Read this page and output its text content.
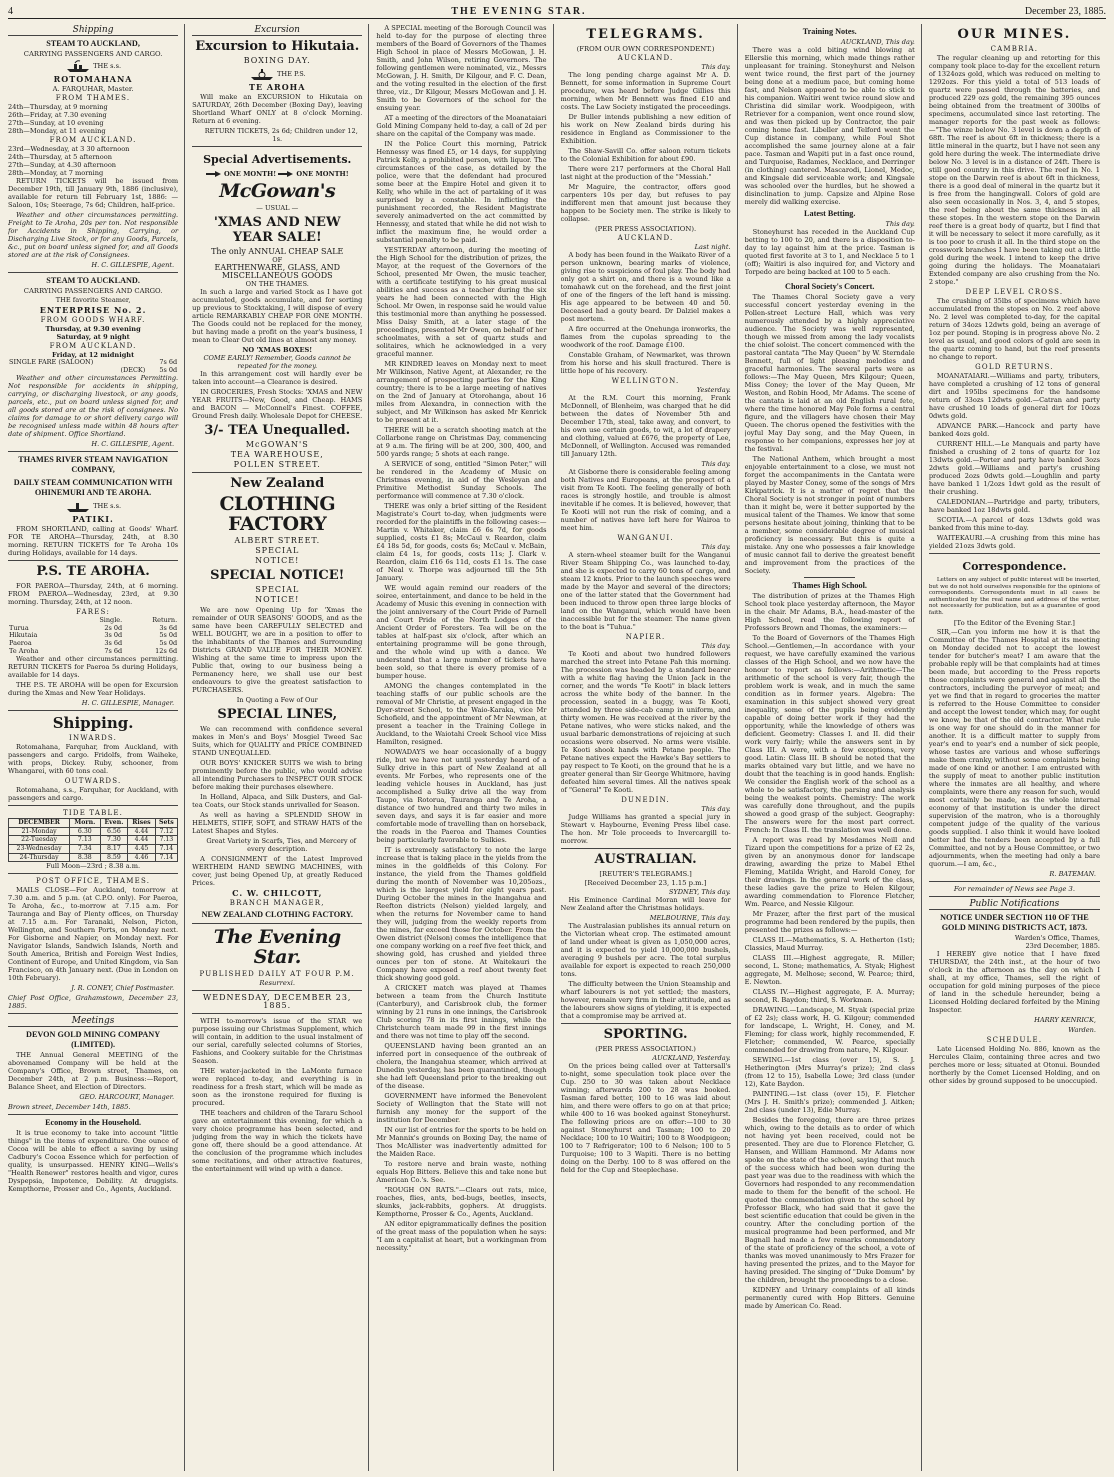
4	THE EVENING STAR.	December 23, 1885.
Shipping
STEAM TO AUCKLAND,
CARRYING PASSENGERS AND CARGO.
THE s.s.
ROTOMAHANA
A. FARQUHAR, Master.
FROM THAMES.
24th—Thursday, at 9 morning
26th—Friday, at 7.30 evening
27th—Sunday, at 10 evening
28th—Monday, at 11 evening
FROM AUCKLAND.
23rd—Wednesday, at 3 30 afternoon
24th—Thursday, at 5 afternoon
27th—Sunday, at 4.30 afternoon
28th—Monday, at 7 morning

RETURN TICKETS will be issued from December 19th, till January 9th, 1886 (inclusive), available for return till February 1st, 1886: — Saloon, 10s; Steerage, 7s 6d; Children, half-price.

Weather and other circumstances permitting. Freight to Te Aroha, 20s per ton. Not responsible for Accidents in Shipping, Carrying, or Discharging Live Stock, or for any Goods, Parcels, &c., put on board unless signed for, and all Goods stored are at the risk of Consignees.

H. C. GILLESPIE, Agent.
STEAM TO AUCKLAND.
CARRYING PASSENGERS AND CARGO.
THE favorite Steamer,
ENTERPRISE No. 2.
FROM GOODS WHARF.
Thursday, at 9.30 evening
Saturday, at 9 night
FROM AUCKLAND.
Friday, at 12 midnight
SINGLE FARE (SALOON)	7s 6d
(DECK)	5s 0d

Weather and other circumstances Permitting. Not responsible for accidents in shipping, carrying, or discharging livestock, or any goods, parcels, etc., put on board unless signed for, and all goods stored are at the risk of consignees. No claims for damage to or short delivery cargo will be recognised unless made within 48 hours after date of shipment. Office Shortland.

H. C. GILLESPIE, Agent.
THAMES RIVER STEAM NAVIGATION COMPANY,
DAILY STEAM COMMUNICATION WITH OHINEMURI AND TE AROHA.
THE s.s.
PATIKI.

FROM SHORTLAND, calling at Goods' Wharf. FOR TE AROHA—Thursday, 24th, at 8.30 morning. RETURN TICKETS for Te Aroha 10s during Holidays, available for 14 days.

P.S. TE AROHA.

FOR PAEROA—Thursday, 24th, at 6 morning. FROM PAEROA—Wednesday, 23rd, at 9.30 morning. Thursday, 24th, at 12 noon.

FARES:
	Single.	Return.
Turua	2s 0d	3s 6d
Hikutaia	3s 0d	5s 0d
Paeroa	3s 6d	5s 0d
Te Aroha	7s 6d	12s 6d

Weather and other circumstances permitting. RETURN TICKETS for Paeroa 5s during Holidays, available for 14 days.

THE P.S. TE AROHA will be open for Excursion during the Xmas and New Year Holidays.

H. C. GILLESPIE, Manager.
Shipping.
INWARDS.

Rotomahana, Farquhar, from Auckland, with passengers and cargo. Fridolfs, from Waiheke, with props, Dickey. Ruby, schooner, from Whangarei, with 60 tons coal.

OUTWARDS.

Rotomahana, s.s., Farquhar, for Auckland, with passengers and cargo.

TIDE TABLE.
DECEMBER	Morn.	Even.	Rises	Sets
21-Monday	6.30	6.56	4.44	7.12
22-Tuesday	7.13	7.30	4.44	7.13
23-Wednesday	7.34	8.17	4.45	7.14
24-Thursday	8.38	8.59	4.46	7.14
Full Moon—23rd ; 8.38 a.m.
POST OFFICE, THAMES.

MAILS CLOSE—For Auckland, tomorrow at 7.30 a.m. and 5 p.m. (at C.P.O. only). For Paeroa, Te Aroha, &c., to-morrow at 7.15 a.m. For Tauranga and Bay of Plenty offices, on Thursday at 7.15 a.m. For Taranaki, Nelson, Picton, Wellington, and Southern Ports, on Monday next. For Gisborne and Napier, on Monday next. For Navigator Islands, Sandwich Islands, North and South America, British and Foreign West Indies, Continent of Europe, and United Kingdom, via San Francisco, on 4th January next. (Due in London on 10th February).

J. R. CONEY, Chief Postmaster.
Chief Post Office, Grahamstown, December 23, 1885.
Meetings
DEVON GOLD MINING COMPANY (LIMITED).

THE Annual General MEETING of the abovenamed Company will be held at the Company's Office, Brown street, Thames, on December 24th, at 2 p.m. Business:—Report, Balance Sheet, and Election of Directors.

GEO. HARCOURT, Manager.
Brown street, December 14th, 1885.
Economy in the Household.

It is true economy to take into account "little things" in the items of expenditure. One ounce of Cocoa will be able to effect a saving by using Cadbury's Cocoa Essence which for perfection of quality, is unsurpassed. HENRY KING—Wells's "Health Renewer" restores health and vigor, cures Dyspepsia, Impotence, Debility. At druggists. Kempthorne, Prosser and Co., Agents, Auckland.

Excursion
Excursion to Hikutaia.
BOXING DAY.
THE P.S.
TE AROHA

Will make an EXCURSION to Hikutaia on SATURDAY, 26th December (Boxing Day), leaving Shortland Wharf ONLY at 8 o'clock Morning. Return at 6 evening.

RETURN TICKETS, 2s 6d; Children under 12, 1s.

Special Advertisements.
ONE MONTH!	ONE MONTH!
McGowan's
— USUAL —
'XMAS AND NEW YEAR SALE!
The only ANNUAL CHEAP SALE
OF
EARTHENWARE, GLASS, AND MISCELLANEOUS GOODS
ON THE THAMES.

In such a large and varied Stock as I have got accumulated, goods accumulate, and for sorting up previous to Stocktaking, I will dispose of every article REMARKABLY CHEAP FOR ONE MONTH. The Goods could not be replaced for the money, but having made a profit on the year's business, I mean to Clear Out old lines at almost any money.

NO 'XMAS BOXES!
COME EARLY! Remember, Goods cannot be repeated for the money.

In this arrangement cost will hardly ever be taken into account—a Clearance is desired.

IN GROCERIES, Fresh Stocks: 'XMAS and NEW YEAR FRUITS—New, Good, and Cheap. HAMS and BACON — McConnell's Finest. COFFEE, Ground Fresh daily. Wholesale Depot for CHEESE.

3/- TEA Unequalled.
McGOWAN'S
TEA WAREHOUSE,
POLLEN STREET.
New Zealand
CLOTHING FACTORY
ALBERT STREET.
SPECIAL
NOTICE!
SPECIAL NOTICE!
SPECIAL
NOTICE!

We are now Opening Up for 'Xmas the remainder of OUR SEASONS' GOODS, and as the same have been CAREFULLY SELECTED and WELL BOUGHT, we are in a position to offer to the inhabitants of the Thames and Surrounding Districts GRAND VALUE FOR THEIR MONEY. Wishing at the same time to impress upon the Public that, owing to our business being a Permanency here, we shall use our best endeavours to give the greatest satisfaction to PURCHASERS.

In Quoting a Few of Our
SPECIAL LINES,

We can recommend with confidence several makes in Men's and Boys' Mosgiel Tweed Sac Suits, which for QUALITY and PRICE COMBINED STAND UNEQUALLED.

OUR BOYS' KNICKER SUITS we wish to bring prominently before the public, who would advise all intending Purchasers to INSPECT OUR STOCK before making their purchases elsewhere.

In Holland, Alpaca, and Silk Dusters, and Gal-tea Coats, our Stock stands unrivalled for Season.

As well as having a SPLENDID SHOW in HELMETS, STIFF, SOFT, and STRAW HATS of the Latest Shapes and Styles.

Great Variety in Scarfs, Ties, and Mercery of every description.

A CONSIGNMENT of the Latest Improved WERTHEIM HAND SEWING MACHINES, with cover, just being Opened Up, at greatly Reduced Prices.

C. W. CHILCOTT,
BRANCH MANAGER,
NEW ZEALAND CLOTHING FACTORY.
The Evening Star.
PUBLISHED DAILY AT FOUR P.M.
Resurrexi.
WEDNESDAY, DECEMBER 23, 1885.

WITH to-morrow's issue of the STAR we purpose issuing our Christmas Supplement, which will contain, in addition to the usual instalment of our serial, carefully selected columns of Stories, Fashions, and Cookery suitable for the Christmas Season.

THE water-jacketed in the LaMonte furnace were replaced to-day, and everything is in readiness for a fresh start, which will be made as soon as the ironstone required for fluxing is procured.

THE teachers and children of the Tararu School gave an entertainment this evening, for which a very choice programme has been selected, and judging from the way in which the tickets have gone off, there should be a good attendance. At the conclusion of the programme which includes some recitations, and other attractive features, the entertainment will wind up with a dance.

A SPECIAL meeting of the Borough Council was held to-day for the purpose of electing three members of the Board of Governors of the Thames High School in place of Messrs McGowan, J. H. Smith, and John Wilson, retiring Governors. The following gentlemen were nominated, viz., Messrs McGowan, J. H. Smith, Dr Kilgour, and F. C. Dean, and the voting resulted in the election of the first three, viz., Dr Kilgour, Messrs McGowan and J. H. Smith to be Governors of the school for the ensuing year.

AT a meeting of the directors of the Moanataiari Gold Mining Company held to-day, a call of 2d per share on the capital of the Company was made.

IN the Police Court this morning, Patrick Hennessy was fined £5, or 14 days, for supplying Patrick Kelly, a prohibited person, with liquor. The circumstances of the case, as detailed by the police, were that the defendant had procured some beer at the Empire Hotel and given it to Kelly, who while in the act of partaking of it was surprised by a constable. In inflicting the punishment recorded, the Resident Magistrate severely animadverted on the act committed by Hennessy, and stated that while he did not wish to inflict the maximum fine, he would order a substantial penalty to be paid.

YESTERDAY afternoon, during the meeting of the High School for the distribution of prizes, the Mayor, at the request of the Governors of the School, presented Mr Owen, the music teacher, with a certificate testifying to his great musical abilities and success as a teacher during the six years he had been connected with the High School. Mr Owen, in response said he would value this testimonial more than anything he possessed. Miss Daisy Smith, at a later stage of the proceedings, presented Mr Owen, on behalf of her schoolmates, with a set of quartz studs and solitaires, which he acknowledged in a very graceful manner.

MR KINDRED leaves on Monday next to meet Mr Wilkinson, Native Agent, at Alexander, re the arrangement of prospecting parties for the King country; there is to be a large meeting of natives on the 2nd of January at Otorohanga, about 16 miles from Alexandra, in connection with the subject, and Mr Wilkinson has asked Mr Kenrick to be present at it.

THERE will be a scratch shooting match at the Collarbone range on Christmas Day, commencing at 9 a.m. The firing will be at 200, 300, 400, and 500 yards range; 5 shots at each range.

A SERVICE of song, entitled "Simon Peter," will be rendered in the Academy of Music on Christmas evening, in aid of the Wesleyan and Primitive Methodist Sunday Schools. The performance will commence at 7.30 o'clock.

THERE was only a brief sitting of the Resident Magistrate's Court to-day, when judgments were recorded for the plaintiffs in the following cases:—Martin v. Whitaker, claim £6 6s 7d, for goods supplied, costs £1 8s; McCaul v. Reardon, claim £4 18s 5d, for goods, costs 6s; McCaul v. McBain, claim £4 1s, for goods, costs 11s; J. Clark v. Reardon, claim £16 6s 11d, costs £1 1s. The case of Neal v. Thorpe was adjourned till the 5th January.

WE would again remind our readers of the soiree, entertainment, and dance to be held in the Academy of Music this evening in connection with the joint anniversary of the Court Pride of Parnell and Court Pride of the North Lodges of the Ancient Order of Foresters. Tea will be on the tables at half-past six o'clock, after which an entertaining programme will be gone through, and the whole wind up with a dance. We understand that a large number of tickets have been sold, so that there is every promise of a bumper house.

AMONG the changes contemplated in the teaching staffs of our public schools are the removal of Mr Christie, at present engaged in the Dyer-street School, to the Waio-Karaka, vice Mr Schofield, and the appointment of Mr Newman, at present a teacher in the Training College in Auckland, to the Waiotahi Creek School vice Miss Hamilton, resigned.

NOWADAYS we hear occasionally of a buggy ride, but we have not until yesterday heard of a Sulky drive in this part of New Zealand at all events. Mr Forbes, who represents one of the leading vehicle houses in Auckland, has just accomplished a Sulky drive all the way from Taupo, via Rotorua, Tauranga and Te Aroha, a distance of two hundred and thirty two miles in seven days, and says it is far easier and more comfortable mode of travelling than on horseback, the roads in the Paeroa and Thames Counties being particularly favorable to Sulkies.

IT is extremely satisfactory to note the large increase that is taking place in the yields from the mines in the goldfields of this Colony. For instance, the yield from the Thames goldfield during the month of November was 10,205ozs., which is the largest yield for eight years past. During October the mines in the Inangahua and Reefton districts (Nelson) yielded largely, and when the returns for November came to hand they will, judging from the weekly reports from the mines, far exceed those for October. From the Owen district (Nelson) comes the intelligence that one company working on a reef five feet thick, and showing gold, has crushed and yielded three ounces per ton of stone. At Waitekauri the Company have exposed a reef about twenty feet thick showing good gold.

A CRICKET match was played at Thames between a team from the Church Institute (Canterbury), and Carisbrook club, the former winning by 21 runs in one innings, the Carisbrook Club scoring 78 in its first innings, while the Christchurch team made 99 in the first innings and there was not time to play off the second.

QUEENSLAND having been granted an an inferred port in consequence of the outbreak of cholera, the Inangahua steamer, which arrived at Dunedin yesterday, has been quarantined, though she had left Queensland prior to the breaking out of the disease.

GOVERNMENT have informed the Benevolent Society of Wellington that the State will not furnish any money for the support of the institution for December.

IN our list of entries for the sports to be held on Mr Mannix's grounds on Boxing Day, the name of Thos McAllister was inadvertently admitted for the Maiden Race.

To restore nerve and brain waste, nothing equals Hop Bitters. Believe this and take none but American Co.'s. See.

"ROUGH ON RATS."—Clears out rats, mice, roaches, flies, ants, bed-bugs, beetles, insects, skunks, jack-rabbits, gophers. At druggists. Kempthorne, Prosser & Co., Agents, Auckland.

AN editor epigrammatically defines the position of the great mass of the population when he says: "I am a capitalist at heart, but a workingman from necessity."

TELEGRAMS.
(FROM OUR OWN CORRESPONDENT.)
AUCKLAND.
This day.

The long pending charge against Mr A. D. Bennett, for some information in Supreme Court procedure, was heard before Judge Gillies this morning, when Mr Bennett was fined £10 and costs. The Law Society instigated the proceedings.

Dr Buller intends publishing a new edition of his work on New Zealand birds during his residence in England as Commissioner to the Exhibition.

The Shaw-Savill Co. offer saloon return tickets to the Colonial Exhibition for about £90.

There were 217 performers at the Choral Hall last night at the production of the "Messiah."

Mr Maguire, the contractor, offers good carpenters 10s per day, but refuses to pay indifferent men that amount just because they happen to be Society men. The strike is likely to collapse.

(PER PRESS ASSOCIATION).
AUCKLAND.
Last night.

A body has been found in the Waikato River of a person unknown, bearing marks of violence, giving rise to suspicions of foul play. The body had only got a shirt on, and there is a wound like a tomahawk cut on the forehead, and the first joint of one of the fingers of the left hand is missing. His age appeared to be between 40 and 50. Deceased had a gouty beard. Dr Dalziel makes a post mortem.

A fire occurred at the Onehunga ironworks, the flames from the cupolas spreading to the woodwork of the roof. Damage £100.

Constable Graham, of Newmarket, was thrown from his horse and his skull fractured. There is little hope of his recovery.

WELLINGTON.
Yesterday.

At the R.M. Court this morning, Frank McDonnell, of Blenheim, was charged that he did between the dates of November 5th and December 17th, steal, take away, and convert, to his own use certain goods, to wit, a lot of drapery and clothing, valued at £676, the property of Lee, McDonnell, of Wellington. Accused was remanded till January 12th.

This day.

At Gisborne there is considerable feeling among both Natives and Europeans, at the prospect of a visit from Te Kooti. The feeling generally of both races is strongly hostile, and trouble is almost inevitable if he comes. It is believed, however, that Te Kooti will not run the risk of coming, and a number of natives have left here for Wairoa to meet him.

WANGANUI.
This day.

A stern-wheel steamer built for the Wanganui River Steam Shipping Co., was launched to-day, and she is expected to carry 60 tons of cargo, and steam 12 knots. Prior to the launch speeches were made by the Mayor and several of the directors; one of the latter stated that the Government had been induced to throw open three large blocks of land on the Wanganui, which would have been inaccessible but for the steamer. The name given to the boat is "Tuhua."

NAPIER.
This day.

Te Kooti and about two hundred followers marched the street into Petane Pah this morning. The procession was headed by a standard bearer with a white flag having the Union Jack in the corner, and the words "Te Kooti" in black letters across the white body of the banner. In the procession, seated in a buggy, was Te Kooti, attended by three side-cab camp in uniform, and thirty women. He was received at the river by the Petane natives, who were sticks naked, and the usual barbaric demonstrations of rejoicing at such occasions were observed. No arms were visible. Te Kooti shook hands with Petane people. The Petane natives expect the Hawke's Bay settlers to pay respect to Te Kooti, on the ground that he is a greater general than Sir George Whitmore, having defeated him several times. All the natives speak of "General" Te Kooti.

DUNEDIN.
This day.

Judge Williams has granted a special jury in Stewart v. Haybourne, Evening Press libel case. The hon. Mr Tole proceeds to Invercargill to-morrow.

AUSTRALIAN.
[REUTER'S TELEGRAMS.]
[Received December 23, 1.15 p.m.]
SYDNEY, This day.

His Eminence Cardinal Moran will leave for New Zealand after the Christmas holidays.

MELBOURNE, This day.

The Australasian publishes its annual return on the Victorian wheat crop. The estimated amount of land under wheat is given as 1,050,000 acres, and it is expected to yield 10,000,000 bushels, averaging 9 bushels per acre. The total surplus available for export is expected to reach 250,000 tons.

The difficulty between the Union Steamship and wharf labourers is not yet settled; the masters, however, remain very firm in their attitude, and as the labourers show signs of yielding, it is expected that a compromise may be arrived at.

SPORTING.
(PER PRESS ASSOCIATION.)
AUCKLAND, Yesterday.

On the prices being called over at Tattersall's to-night, some speculation took place over the Cup. 250 to 30 was taken about Necklace winning; afterwards 200 to 28 was booked. Tasman fared better, 100 to 16 was laid about him, and there were offers to go on at that price; while 400 to 16 was booked against Stoneyhurst. The following prices are on offer:—100 to 30 against Stoneyhurst and Tasman; 100 to 20 Necklace; 100 to 10 Waitiri; 100 to 8 Woodpigeon; 100 to 7 Refrigerator; 100 to 6 Nelson; 100 to 5 Turquoise; 100 to 3 Wapiti. There is no betting doing on the Derby. 100 to 8 was offered on the field for the Cup and Steeplechase.

Training Notes.
AUCKLAND, This day.

There was a cold biting wind blowing at Ellerslie this morning, which made things rather unpleasant for training. Stoneyhurst and Nelson went twice round, the first part of the journey being done at a medium pace, but coming home fast, and Nelson appeared to be able to stick to his companion. Waitiri went twice round slow and Christina did similar work. Woodpigeon, with Retriever for a companion, went once round slow, and was then picked up by Contractor, the pair coming home fast. Libeller and Telford went the Cup distance in company, while Foul Shot accomplished the same journey alone at a fair pace. Tasman and Wapiti put in a fast once round, and Turquoise, Radames, Necklace, and Derringer (in clothing) cantered. Mascarodi, Lionel, Medoc, and Kingsale did serviceable work; and Kingsale was schooled over the hurdles, but he showed a disinclination to jump. Capsize and Alpine Rose merely did walking exercise.

Latest Betting.
This day.

Stoneyhurst has receded in the Auckland Cup betting to 100 to 20, and there is a disposition to-day to lay against him at the price. Tasman is quoted first favorite at 3 to 1, and Necklace 5 to 1 (off); Waitiri is also inquired for, and Victory and Torpedo are being backed at 100 to 5 each.

Choral Society's Concert.

The Thames Choral Society gave a very successful concert yesterday evening in the Pollen-street Lecture Hall, which was very numerously attended by a highly appreciative audience. The Society was well represented, though we missed from among the lady vocalists the chief soloist. The concert commenced with the pastoral cantata "The May Queen" by W. Sterndale Bennett, full of light pleasing melodies and graceful harmonies. The several parts were as follows:—The May Queen, Mrs Kilgour; Queen, Miss Coney; the lover of the May Queen, Mr Weston, and Robin Hood, Mr Adams. The scene of the cantata is laid at an old English rural fete, where the time honored May Pole forms a central figure, and the villagers have chosen their May Queen. The chorus opened the festivities with the joyful May Day song, and the May Queen, in response to her companions, expresses her joy at the festival.

The National Anthem, which brought a most enjoyable entertainment to a close, we must not forget the accompaniments in the Cantata were played by Master Coney, some of the songs of Mrs Kirkpatrick. It is a matter of regret that the Choral Society is not stronger in point of numbers than it might be, were it better supported by the musical talent of the Thames. We know that some persons hesitate about joining, thinking that to be a member, some considerable degree of musical proficiency is necessary. But this is quite a mistake. Any one who possesses a fair knowledge of music cannot fail to derive the greatest benefit and improvement from the practices of the Society.

Thames High School.

The distribution of prizes at the Thames High School took place yesterday afternoon, the Mayor in the chair. Mr Adams, B.A., head-master of the High School, read the following report of Professors Brown and Thomas, the examiners:—

To the Board of Governors of the Thames High School.—Gentlemen,—In accordance with your request, we have carefully examined the various classes of the High School, and we now have the honour to report as follows:—Arithmetic—The arithmetic of the school is very fair, though the problem work is weak, and in much the same condition as in former years. Algebra: The examination in this subject showed very great inequality, some of the pupils being evidently capable of doing better work if they had the opportunity, while the knowledge of others was deficient. Geometry: Classes I. and II. did their work very fairly; while the answers sent in by Class III. A were, with a few exceptions, very good. Latin: Class III. B should be noted that the marks obtained vary but little, and we have no doubt that the teaching is in good hands. English: We consider the English work of the school as a whole to be satisfactory, the parsing and analysis being the weakest points. Chemistry: The work was carefully done throughout, and the pupils showed a good grasp of the subject. Geography: The answers were for the most part correct. French: In Class II. the translation was well done.

A report was read by Mesdames Neill and Tizard upon the competitions for a prize of £2 2s, given by an anonymous donor for landscape drawing, awarding the prize to Mabel Ethel Fleming, Matilda Wright, and Harold Coney, for their drawings. In the general work of the class, these ladies gave the prize to Helen Kilgour, awarding commendation to Florence Fletcher, Wm. Pearce, and Nessie Kilgour.

Mr Frazer, after the first part of the musical programme had been rendered by the pupils, then presented the prizes as follows:—

CLASS II.—Mathematics, S. A. Hetherton (1st); Classics, Maud Murray.

CLASS III.—Highest aggregate, R. Miller; second, L. Stone; mathematics, A. Styak; Highest aggregate, M. Melhose; second, W. Pearce; third, E. Newton.

CLASS IV.—Highest aggregate, F. A. Murray; second, R. Baydon; third, S. Workman.

DRAWING.—Landscape, M. Styak (special prize of £2 2s); class work, H. G. Kilgour; commended for landscape, L. Wright, H. Coney, and M. Fleming; for class work, highly recommended, F. Fletcher; commended, W. Pearce, specially commended for drawing from nature, N. Kilgour.

SEWING.—1st class (over 15), S. J. Hetherington (Mrs Murray's prize); 2nd class (from 12 to 15), Isabella Lowe; 3rd class (under 12), Kate Baydon.

PAINTING.—1st class (over 15), F. Fletcher (Mrs J. H. Smith's prize); commended J. Aitken; 2nd class (under 13), Edie Murray.

Besides the foregoing, there are three prizes which, owing to the details as to order of which not having yet been received, could not be presented. They are due to Florence Fletcher, G. Hansen, and William Hammond. Mr Adams now spoke on the state of the school, saying that much of the success which had been won during the past year was due to the readiness with which the Governors had responded to any recommendation made to them for the benefit of the school. He quoted the commendation given to the school by Professor Black, who had said that it gave the best scientific education that could be given in the country. After the concluding portion of the musical programme had been performed, and Mr Bagnall had made a few remarks commendatory of the state of proficiency of the school, a vote of thanks was moved unanimously to Mrs Frazer for having presented the prizes, and to the Mayor for having presided. The singing of "Duke Domum" by the children, brought the proceedings to a close.

KIDNEY and Urinary complaints of all kinds permanently cured with Hop Bitters. Genuine made by American Co. Read.

OUR MINES.
CAMBRIA.

The regular cleaning up and retorting for this company took place to-day for the excellent return of 1324ozs gold, which was reduced on melting to 1292ozs. For this yield a total of 513 loads of quartz were passed through the batteries, and produced 229 ozs gold, the remaining 395 ounces being obtained from the treatment of 300lbs of specimens, accumulated since last retorting. The manager reports for the past week as follows:—"The winze below No. 3 level is down a depth of 68ft. The reef is about 6ft in thickness; there is a little mineral in the quartz, but I have not seen any gold here during the week. The intermediate drive below No. 3 level is in a distance of 24ft. There is still good country in this drive. The reef in No. 1 stope on the Darwin reef is about 6ft in thickness, there is a good deal of mineral in the quartz but it is free from the hangingwall. Colors of gold are also seen occasionally in Nos. 3, 4, and 5 stopes, the reef being about the same thickness in all these stopes. In the western stope on the Darwin reef there is a great body of quartz, but I find that it will be necessary to select it more carefully, as it is too poor to crush it all. In the third stope on the crosswork branches I have been taking out a little gold during the week. I intend to keep the drive going during the holidays. The Moanataiari Extended company are also crushing from the No. 2 stope."

DEEP LEVEL CROSS.

The crushing of 35lbs of specimens which have accumulated from the stopes on No. 2 reef above No. 2 level was completed to-day, for the capital return of 34ozs 12dwts gold, being an average of 1oz per pound. Stoping is in progress above No. 2 level as usual, and good colors of gold are seen in the quartz coming to hand, but the reef presents no change to report.

GOLD RETURNS.

MOANATAIARI.—Williams and party, tributers, have completed a crushing of 12 tons of general dirt and 195lbs specimens for the handsome return of 33ozs 12dwts gold.—Catran and party have crushed 10 loads of general dirt for 10ozs 0dwts gold.

ADVANCE PARK.—Hancock and party have banked 4ozs gold.

CURRENT HILL.—Le Manquais and party have finished a crushing of 2 tons of quartz for 1oz 13dwts gold.—Porter and party have banked 3ozs 2dwts gold.—Williams and party's crushing produced 2ozs 0dwts gold.—Loughlin and party have banked 1 1/2ozs 1dwt gold as the result of their crushing.

CALEDONIAN.—Partridge and party, tributers, have banked 1oz 18dwts gold.

SCOTIA.—A parcel of 4ozs 13dwts gold was banked from this mine to-day.

WAITEKAURI.—A crushing from this mine has yielded 21ozs 3dwts gold.

Correspondence.

Letters on any subject of public interest will be inserted, but we do not hold ourselves responsible for the opinions of correspondents. Correspondents must in all cases be authenticated by the real name and address of the writer, not necessarily for publication, but as a guarantee of good faith.

[To the Editor of the Evening Star.]

SIR,—Can you inform me how it is that the Committee of the Thames Hospital at its meeting on Monday decided not to accept the lowest tender for butcher's meat? I am aware that the probable reply will be that complaints had at times been made, but according to the Press reports those complaints were general and against all the contractors, including the purveyor of meat; and yet we find that in regard to groceries the matter is referred to the House Committee to consider and accept the lowest tender, which may, for ought we know, be that of the old contractor. What rule is one way for one should do in the manner for another. It is a difficult matter to supply from year's end to year's end a number of sick people, whose tastes are various and whose sufferings make them cranky, without some complaints being made of one kind or another. I am entrusted with the supply of meat to another public institution where the inmates are all healthy, and where complaints, were there any reason for such, would most certainly be made, as the whole internal economy of that institution is under the direct supervision of the matron, who is a thoroughly competent judge of the quality of the various goods supplied. I also think it would have looked better had the tenders been accepted by a full Committee, and not by a House Committee, or two adjournments, when the meeting had only a bare quorum.—I am, &c.,

R. BATEMAN.
For remainder of News see Page 3.
Public Notifications
NOTICE UNDER SECTION 110 OF THE GOLD MINING DISTRICTS ACT, 1873.
Warden's Office, Thames,
23rd December, 1885.

I HEREBY give notice that I have fixed THURSDAY, the 24th inst., at the hour of two o'clock in the afternoon as the day on which I shall, at my office, Thames, sell the right of occupation for gold mining purposes of the piece of land in the schedule hereunder, being a Licensed Holding declared forfeited by the Mining Inspector.

HARRY KENRICK,
Warden.
SCHEDULE.

Late Licensed Holding No. 886, known as the Hercules Claim, containing three acres and two perches more or less; situated at Otonui. Bounded northerly by the Comet Licensed Holding, and on other sides by ground supposed to be unoccupied.
